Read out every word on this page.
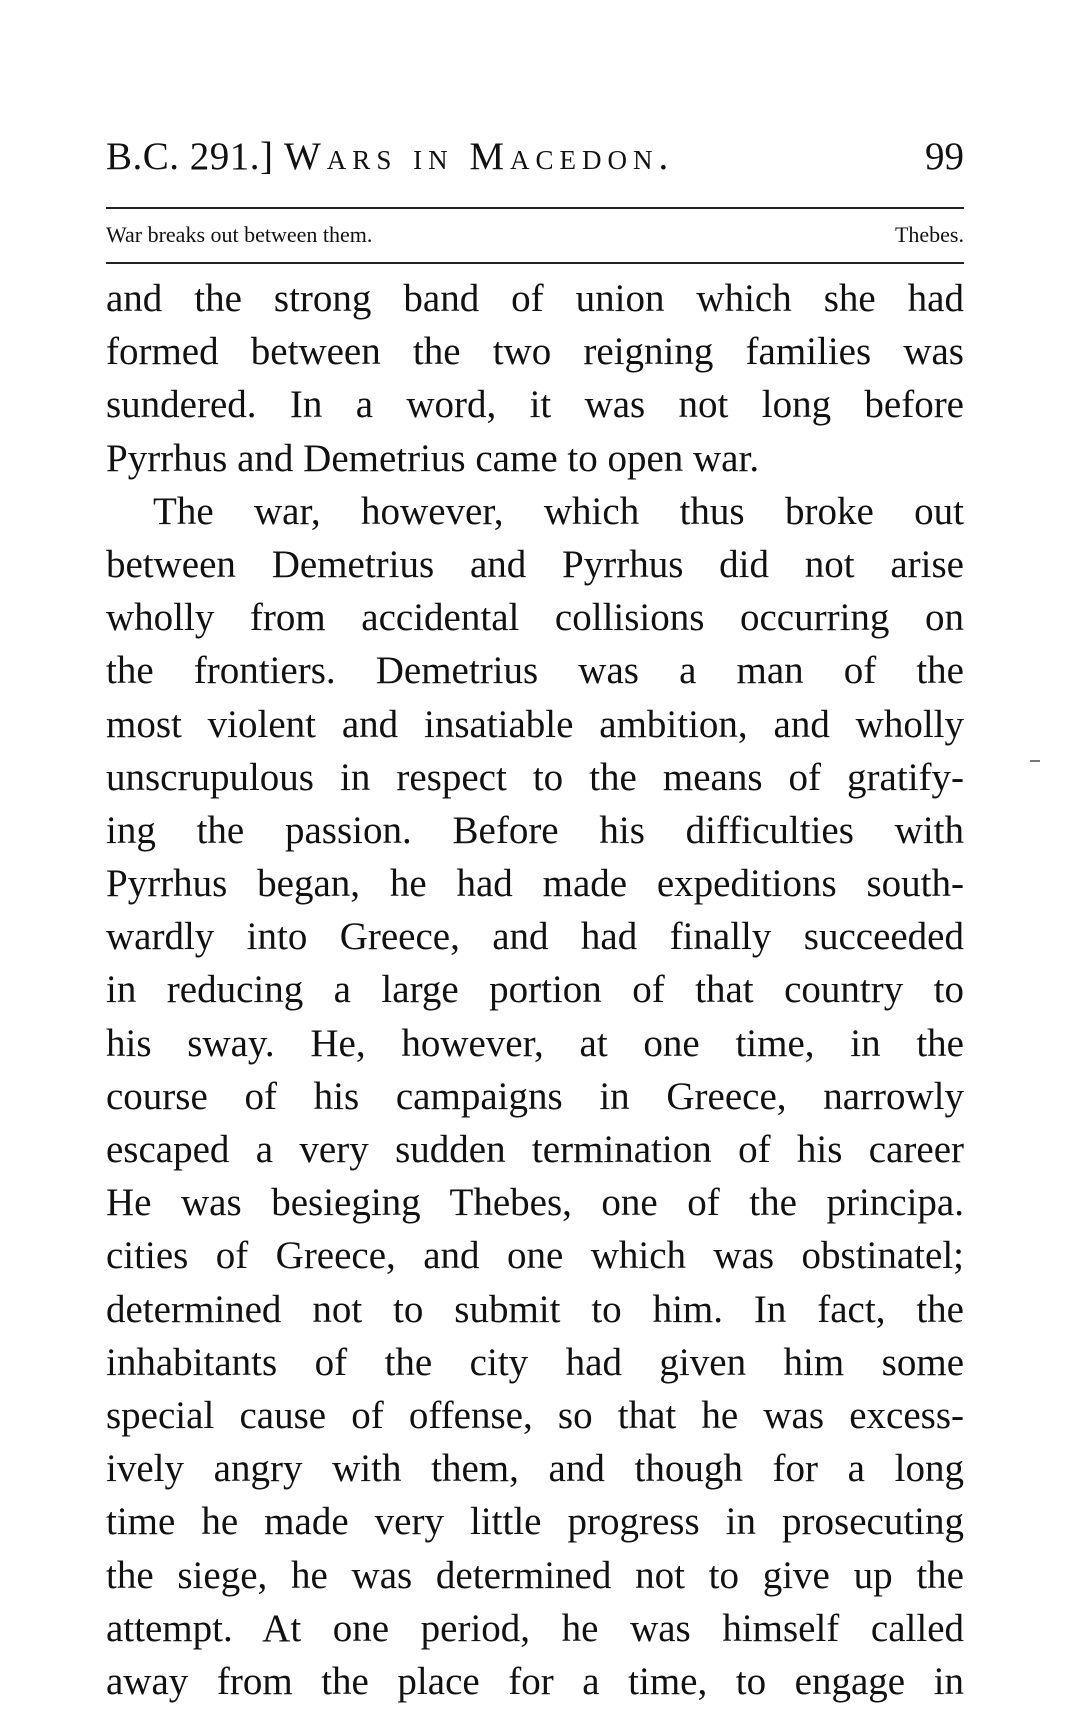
B.C. 291.] Wars in Macedon.	99
War breaks out between them.	Thebes.
and the strong band of union which she had
formed between the two reigning families was
sundered. In a word, it was not long before
Pyrrhus and Demetrius came to open war.
The war, however, which thus broke out
between Demetrius and Pyrrhus did not arise
wholly from accidental collisions occurring on
the frontiers. Demetrius was a man of the
most violent and insatiable ambition, and wholly
unscrupulous in respect to the means of gratify-
ing the passion. Before his difficulties with
Pyrrhus began, he had made expeditions south-
wardly into Greece, and had finally succeeded
in reducing a large portion of that country to
his sway. He, however, at one time, in the
course of his campaigns in Greece, narrowly
escaped a very sudden termination of his career
He was besieging Thebes, one of the principa.
cities of Greece, and one which was obstinatel;
determined not to submit to him. In fact, the
inhabitants of the city had given him some
special cause of offense, so that he was excess-
ively angry with them, and though for a long
time he made very little progress in prosecuting
the siege, he was determined not to give up the
attempt. At one period, he was himself called
away from the place for a time, to engage in
